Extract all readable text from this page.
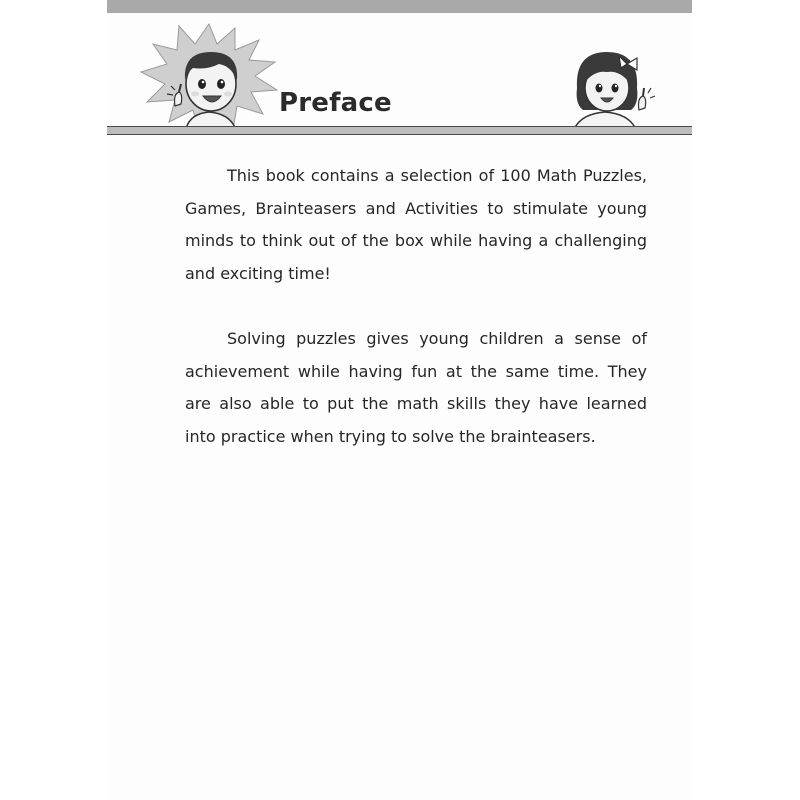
Preface

This book contains a selection of 100 Math Puzzles, Games, Brainteasers and Activities to stimulate young minds to think out of the box while having a challenging and exciting time!

Solving puzzles gives young children a sense of achievement while having fun at the same time. They are also able to put the math skills they have learned into practice when trying to solve the brainteasers.
